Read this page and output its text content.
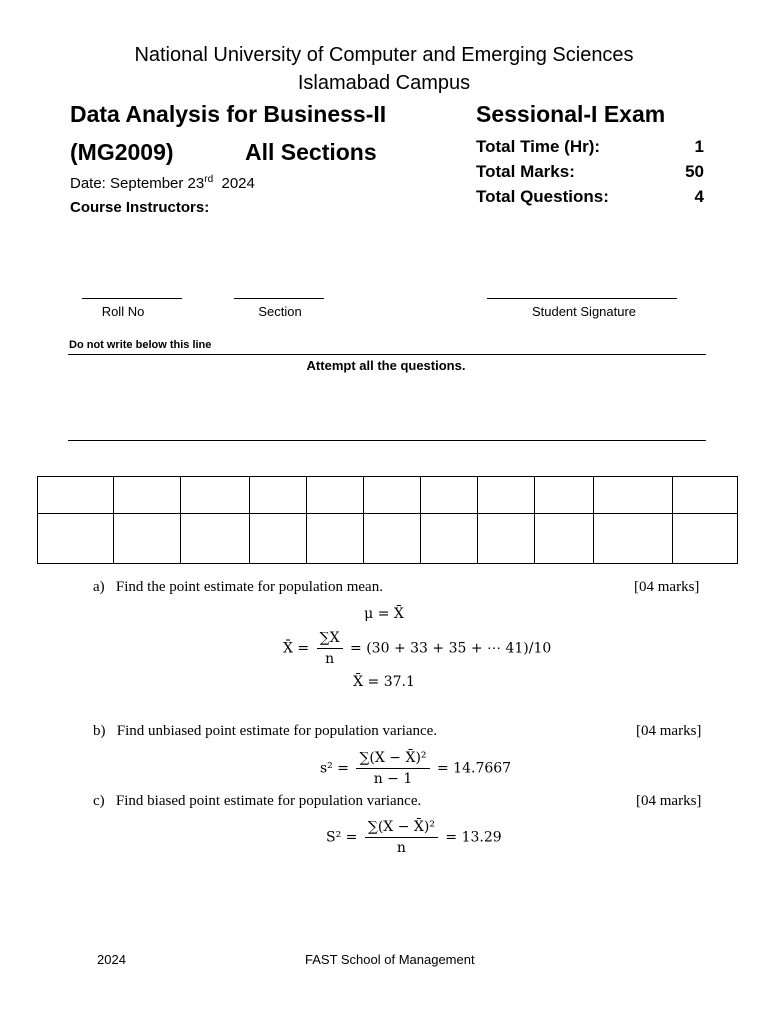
National University of Computer and Emerging Sciences
Islamabad Campus
Data Analysis for Business-II
(MG2009)	All Sections
Date: September 23rd 2024
Course Instructors:
Sessional-I Exam
Total Time (Hr):	1
Total Marks:	50
Total Questions:	4
Roll No	Section	Student Signature
Do not write below this line
Attempt all the questions.

a) Find the point estimate for population mean.	[04 marks]
μ = X̄
X̄ = $\frac{\sum X}{n} = (30 + 33 + 35$ + ⋯ 41)/10
X̄ = 37.1
b) Find unbiased point estimate for population variance.	[04 marks]
$s^2 = \frac{\text{∑(X − X̄)²}}{n - 1} = 14.7667$
c) Find biased point estimate for population variance.	[04 marks]
$S^2 = \frac{\text{∑(X − X̄)²}}{n} = 13.29$
2024	FAST School of Management
